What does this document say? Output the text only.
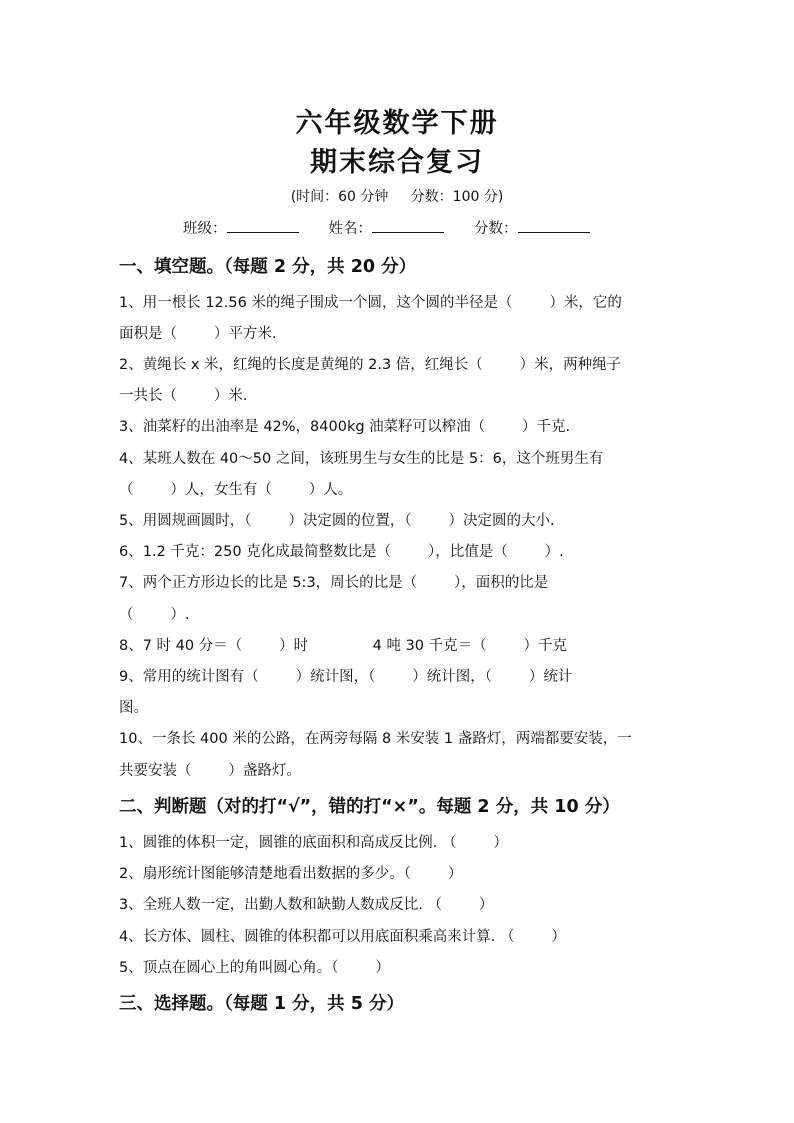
六年级数学下册
期末综合复习
(时间：60 分钟     分数：100 分)
班级：	姓名：	分数：
一、填空题。（每题 2 分，共 20 分）
1、用一根长 12.56 米的绳子围成一个圆，这个圆的半径是（        ）米，它的
面积是（        ）平方米.
2、黄绳长 x 米，红绳的长度是黄绳的 2.3 倍，红绳长（        ）米，两种绳子
一共长（        ）米.
3、油菜籽的出油率是 42%，8400kg 油菜籽可以榨油（        ）千克.
4、某班人数在 40～50 之间，该班男生与女生的比是 5：6，这个班男生有
（        ）人，女生有（        ）人。
5、用圆规画圆时，（        ）决定圆的位置，（        ）决定圆的大小.
6、1.2 千克：250 克化成最简整数比是（        ），比值是（        ）.
7、两个正方形边长的比是 5:3，周长的比是（        ），面积的比是
（        ）.
8、7 时 40 分＝（        ）时              4 吨 30 千克＝（        ）千克
9、常用的统计图有（        ）统计图，（        ）统计图，（        ）统计
图。
10、一条长 400 米的公路，在两旁每隔 8 米安装 1 盏路灯，两端都要安装，一
共要安装（        ）盏路灯。
二、判断题（对的打“√”，错的打“×”。每题 2 分，共 10 分）
1、圆锥的体积一定，圆锥的底面积和高成反比例. （        ）
2、扇形统计图能够清楚地看出数据的多少。（        ）
3、全班人数一定，出勤人数和缺勤人数成反比. （        ）
4、长方体、圆柱、圆锥的体积都可以用底面积乘高来计算. （        ）
5、顶点在圆心上的角叫圆心角。（        ）
三、选择题。（每题 1 分，共 5 分）
